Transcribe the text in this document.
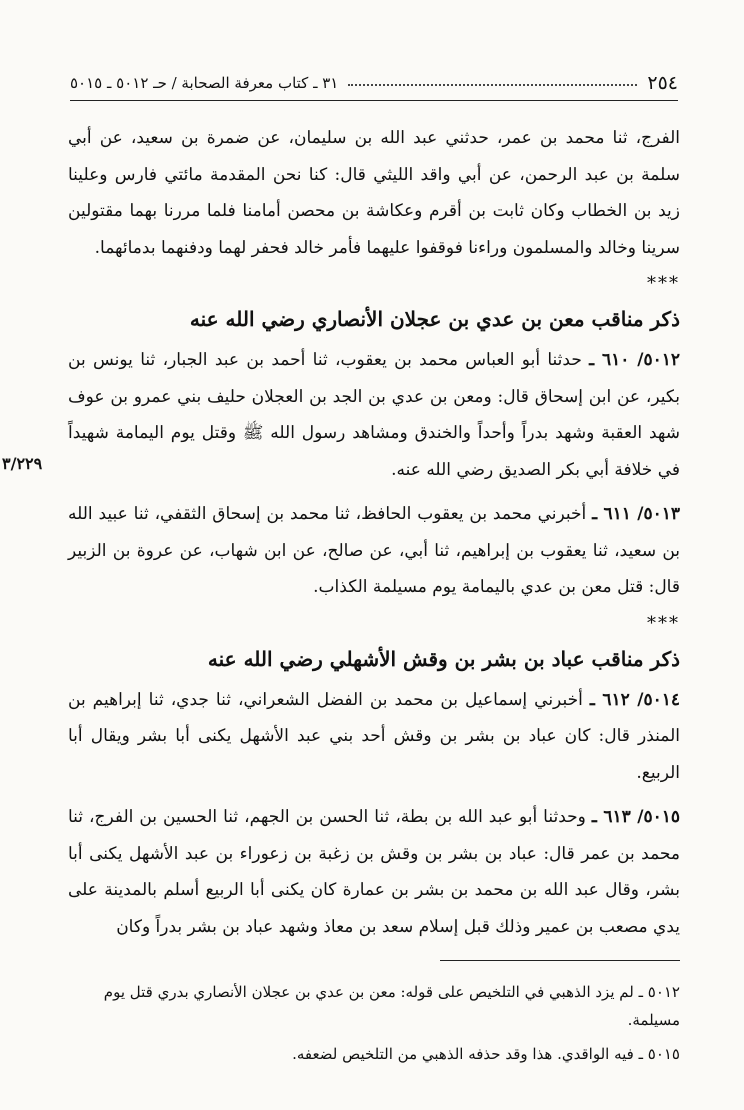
٢٥٤
٣١ ـ كتاب معرفة الصحابة / حـ ٥٠١٢ ـ ٥٠١٥

الفرج، ثنا محمد بن عمر، حدثني عبد الله بن سليمان، عن ضمرة بن سعيد، عن أبي سلمة بن عبد الرحمن، عن أبي واقد الليثي قال: كنا نحن المقدمة مائتي فارس وعلينا زيد بن الخطاب وكان ثابت بن أقرم وعكاشة بن محصن أمامنا فلما مررنا بهما مقتولين سرينا وخالد والمسلمون وراءنا فوقفوا عليهما فأمر خالد فحفر لهما ودفنهما بدمائهما.

***
ذكر مناقب معن بن عدي بن عجلان الأنصاري رضي الله عنه

٥٠١٢/ ٦١٠ ـ حدثنا أبو العباس محمد بن يعقوب، ثنا أحمد بن عبد الجبار، ثنا يونس بن بكير، عن ابن إسحاق قال: ومعن بن عدي بن الجد بن العجلان حليف بني عمرو بن عوف شهد العقبة وشهد بدراً وأحداً والخندق ومشاهد رسول الله ﷺ وقتل يوم اليمامة شهيداً في خلافة أبي بكر الصديق رضي الله عنه.

٥٠١٣/ ٦١١ ـ أخبرني محمد بن يعقوب الحافظ، ثنا محمد بن إسحاق الثقفي، ثنا عبيد الله بن سعيد، ثنا يعقوب بن إبراهيم، ثنا أبي، عن صالح، عن ابن شهاب، عن عروة بن الزبير قال: قتل معن بن عدي باليمامة يوم مسيلمة الكذاب.

***
ذكر مناقب عباد بن بشر بن وقش الأشهلي رضي الله عنه

٥٠١٤/ ٦١٢ ـ أخبرني إسماعيل بن محمد بن الفضل الشعراني، ثنا جدي، ثنا إبراهيم بن المنذر قال: كان عباد بن بشر بن وقش أحد بني عبد الأشهل يكنى أبا بشر ويقال أبا الربيع.

٥٠١٥/ ٦١٣ ـ وحدثنا أبو عبد الله بن بطة، ثنا الحسن بن الجهم، ثنا الحسين بن الفرج، ثنا محمد بن عمر قال: عباد بن بشر بن وقش بن زغبة بن زعوراء بن عبد الأشهل يكنى أبا بشر، وقال عبد الله بن محمد بن بشر بن عمارة كان يكنى أبا الربيع أسلم بالمدينة على يدي مصعب بن عمير وذلك قبل إسلام سعد بن معاذ وشهد عباد بن بشر بدراً وكان

٣/٢٢٩

٥٠١٢ ـ لم يزد الذهبي في التلخيص على قوله: معن بن عدي بن عجلان الأنصاري بدري قتل يوم مسيلمة.

٥٠١٥ ـ فيه الواقدي. هذا وقد حذفه الذهبي من التلخيص لضعفه.
